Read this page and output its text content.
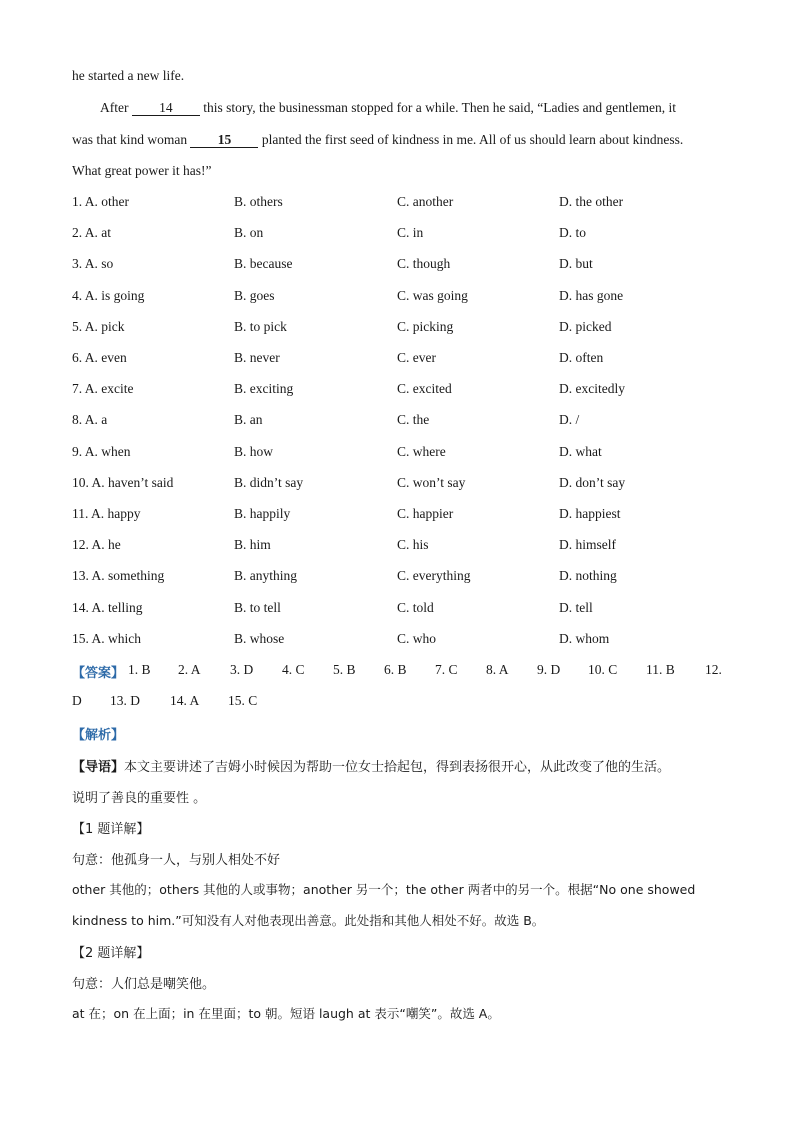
he started a new life.
After 14 this story, the businessman stopped for a while. Then he said, “Ladies and gentlemen, it
was that kind woman 15 planted the first seed of kindness in me. All of us should learn about kindness.
What great power it has!”
1. A. other	B. others	C. another	D. the other
2. A. at	B. on	C. in	D. to
3. A. so	B. because	C. though	D. but
4. A. is going	B. goes	C. was going	D. has gone
5. A. pick	B. to pick	C. picking	D. picked
6. A. even	B. never	C. ever	D. often
7. A. excite	B. exciting	C. excited	D. excitedly
8. A. a	B. an	C. the	D. /
9. A. when	B. how	C. where	D. what
10. A. haven’t said	B. didn’t say	C. won’t say	D. don’t say
11. A. happy	B. happily	C. happier	D. happiest
12. A. he	B. him	C. his	D. himself
13. A. something	B. anything	C. everything	D. nothing
14. A. telling	B. to tell	C. told	D. tell
15. A. which	B. whose	C. who	D. whom
【答案】 1. B 2. A 3. D 4. C 5. B 6. B 7. C 8. A 9. D 10. C 11. B 12.
D 13. D 14. A 15. C
【解析】
【导语】本文主要讲述了吉姆小时候因为帮助一位女士拾起包，得到表扬很开心，从此改变了他的生活。
说明了善良的重要性 。
【1 题详解】
句意：他孤身一人，与别人相处不好
other 其他的；others 其他的人或事物；another 另一个；the other 两者中的另一个。根据“No one showed
kindness to him.”可知没有人对他表现出善意。此处指和其他人相处不好。故选 B。
【2 题详解】
句意：人们总是嘲笑他。
at 在；on 在上面；in 在里面；to 朝。短语 laugh at 表示“嘲笑”。故选 A。
